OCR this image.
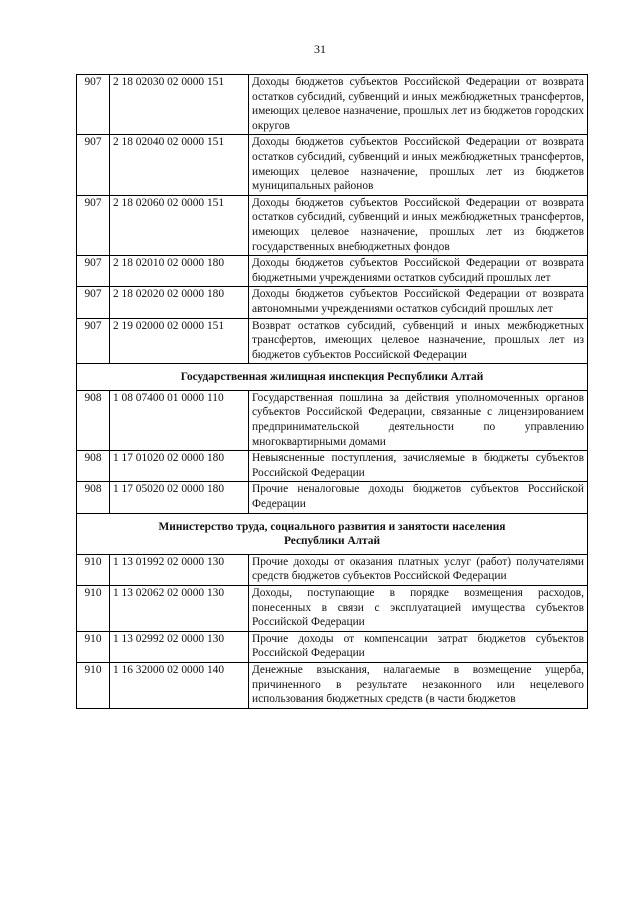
31
907	2 18 02030 02 0000 151	Доходы бюджетов субъектов Российской Федерации от возврата остатков субсидий, субвенций и иных межбюджетных трансфертов, имеющих целевое назначение, прошлых лет из бюджетов городских округов
907	2 18 02040 02 0000 151	Доходы бюджетов субъектов Российской Федерации от возврата остатков субсидий, субвенций и иных межбюджетных трансфертов, имеющих целевое назначение, прошлых лет из бюджетов муниципальных районов
907	2 18 02060 02 0000 151	Доходы бюджетов субъектов Российской Федерации от возврата остатков субсидий, субвенций и иных межбюджетных трансфертов, имеющих целевое назначение, прошлых лет из бюджетов государственных внебюджетных фондов
907	2 18 02010 02 0000 180	Доходы бюджетов субъектов Российской Федерации от возврата бюджетными учреждениями остатков субсидий прошлых лет
907	2 18 02020 02 0000 180	Доходы бюджетов субъектов Российской Федерации от возврата автономными учреждениями остатков субсидий прошлых лет
907	2 19 02000 02 0000 151	Возврат остатков субсидий, субвенций и иных межбюджетных трансфертов, имеющих целевое назначение, прошлых лет из бюджетов субъектов Российской Федерации

Государственная жилищная инспекция Республики Алтай		

908	1 08 07400 01 0000 110	Государственная пошлина за действия уполномоченных органов субъектов Российской Федерации, связанные с лицензированием предпринимательской деятельности по управлению многоквартирными домами
908	1 17 01020 02 0000 180	Невыясненные поступления, зачисляемые в бюджеты субъектов Российской Федерации
908	1 17 05020 02 0000 180	Прочие неналоговые доходы бюджетов субъектов Российской Федерации

Министерство труда, социального развития и занятости населения
Республики Алтай		

910	1 13 01992 02 0000 130	Прочие доходы от оказания платных услуг (работ) получателями средств бюджетов субъектов Российской Федерации
910	1 13 02062 02 0000 130	Доходы, поступающие в порядке возмещения расходов, понесенных в связи с эксплуатацией имущества субъектов Российской Федерации
910	1 13 02992 02 0000 130	Прочие доходы от компенсации затрат бюджетов субъектов Российской Федерации
910	1 16 32000 02 0000 140	Денежные взыскания, налагаемые в возмещение ущерба, причиненного в результате незаконного или нецелевого использования бюджетных средств (в части бюджетов
